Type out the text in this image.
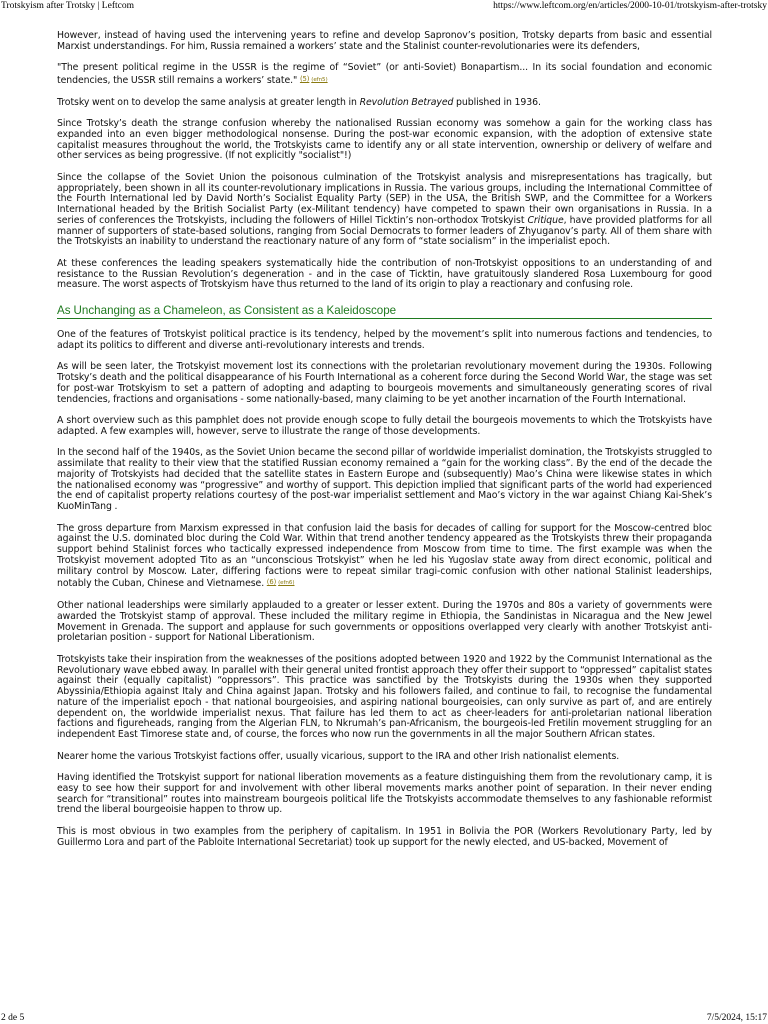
Trotskyism after Trotsky | Leftcom	https://www.leftcom.org/en/articles/2000-10-01/trotskyism-after-trotsky

However, instead of having used the intervening years to refine and develop Sapronov’s position, Trotsky departs from basic and essential Marxist understandings. For him, Russia remained a workers’ state and the Stalinist counter-revolutionaries were its defenders,

"The present political regime in the USSR is the regime of “Soviet” (or anti-Soviet) Bonapartism... In its social foundation and economic tendencies, the USSR still remains a workers’ state." $^{(5) (efn5)}$

Trotsky went on to develop the same analysis at greater length in Revolution Betrayed published in 1936.

Since Trotsky’s death the strange confusion whereby the nationalised Russian economy was somehow a gain for the working class has expanded into an even bigger methodological nonsense. During the post-war economic expansion, with the adoption of extensive state capitalist measures throughout the world, the Trotskyists came to identify any or all state intervention, ownership or delivery of welfare and other services as being progressive. (If not explicitly "socialist"!)

Since the collapse of the Soviet Union the poisonous culmination of the Trotskyist analysis and misrepresentations has tragically, but appropriately, been shown in all its counter-revolutionary implications in Russia. The various groups, including the International Committee of the Fourth International led by David North’s Socialist Equality Party (SEP) in the USA, the British SWP, and the Committee for a Workers International headed by the British Socialist Party (ex-Militant tendency) have competed to spawn their own organisations in Russia. In a series of conferences the Trotskyists, including the followers of Hillel Ticktin’s non-orthodox Trotskyist Critique, have provided platforms for all manner of supporters of state-based solutions, ranging from Social Democrats to former leaders of Zhyuganov’s party. All of them share with the Trotskyists an inability to understand the reactionary nature of any form of “state socialism” in the imperialist epoch.

At these conferences the leading speakers systematically hide the contribution of non-Trotskyist oppositions to an understanding of and resistance to the Russian Revolution’s degeneration - and in the case of Ticktin, have gratuitously slandered Rosa Luxembourg for good measure. The worst aspects of Trotskyism have thus returned to the land of its origin to play a reactionary and confusing role.

As Unchanging as a Chameleon, as Consistent as a Kaleidoscope

One of the features of Trotskyist political practice is its tendency, helped by the movement’s split into numerous factions and tendencies, to adapt its politics to different and diverse anti-revolutionary interests and trends.

As will be seen later, the Trotskyist movement lost its connections with the proletarian revolutionary movement during the 1930s. Following Trotsky’s death and the political disappearance of his Fourth International as a coherent force during the Second World War, the stage was set for post-war Trotskyism to set a pattern of adopting and adapting to bourgeois movements and simultaneously generating scores of rival tendencies, fractions and organisations - some nationally-based, many claiming to be yet another incarnation of the Fourth International.

A short overview such as this pamphlet does not provide enough scope to fully detail the bourgeois movements to which the Trotskyists have adapted. A few examples will, however, serve to illustrate the range of those developments.

In the second half of the 1940s, as the Soviet Union became the second pillar of worldwide imperialist domination, the Trotskyists struggled to assimilate that reality to their view that the statified Russian economy remained a “gain for the working class”. By the end of the decade the majority of Trotskyists had decided that the satellite states in Eastern Europe and (subsequently) Mao’s China were likewise states in which the nationalised economy was “progressive” and worthy of support. This depiction implied that significant parts of the world had experienced the end of capitalist property relations courtesy of the post-war imperialist settlement and Mao’s victory in the war against Chiang Kai-Shek’s KuoMinTang .

The gross departure from Marxism expressed in that confusion laid the basis for decades of calling for support for the Moscow-centred bloc against the U.S. dominated bloc during the Cold War. Within that trend another tendency appeared as the Trotskyists threw their propaganda support behind Stalinist forces who tactically expressed independence from Moscow from time to time. The first example was when the Trotskyist movement adopted Tito as an “unconscious Trotskyist” when he led his Yugoslav state away from direct economic, political and military control by Moscow. Later, differing factions were to repeat similar tragi-comic confusion with other national Stalinist leaderships, notably the Cuban, Chinese and Vietnamese. $^{(6) (efn6)}$

Other national leaderships were similarly applauded to a greater or lesser extent. During the 1970s and 80s a variety of governments were awarded the Trotskyist stamp of approval. These included the military regime in Ethiopia, the Sandinistas in Nicaragua and the New Jewel Movement in Grenada. The support and applause for such governments or oppositions overlapped very clearly with another Trotskyist anti-proletarian position - support for National Liberationism.

Trotskyists take their inspiration from the weaknesses of the positions adopted between 1920 and 1922 by the Communist International as the Revolutionary wave ebbed away. In parallel with their general united frontist approach they offer their support to “oppressed” capitalist states against their (equally capitalist) “oppressors”. This practice was sanctified by the Trotskyists during the 1930s when they supported Abyssinia/Ethiopia against Italy and China against Japan. Trotsky and his followers failed, and continue to fail, to recognise the fundamental nature of the imperialist epoch - that national bourgeoisies, and aspiring national bourgeoisies, can only survive as part of, and are entirely dependent on, the worldwide imperialist nexus. That failure has led them to act as cheer-leaders for anti-proletarian national liberation factions and figureheads, ranging from the Algerian FLN, to Nkrumah’s pan-Africanism, the bourgeois-led Fretilin movement struggling for an independent East Timorese state and, of course, the forces who now run the governments in all the major Southern African states.

Nearer home the various Trotskyist factions offer, usually vicarious, support to the IRA and other Irish nationalist elements.

Having identified the Trotskyist support for national liberation movements as a feature distinguishing them from the revolutionary camp, it is easy to see how their support for and involvement with other liberal movements marks another point of separation. In their never ending search for “transitional” routes into mainstream bourgeois political life the Trotskyists accommodate themselves to any fashionable reformist trend the liberal bourgeoisie happen to throw up.

This is most obvious in two examples from the periphery of capitalism. In 1951 in Bolivia the POR (Workers Revolutionary Party, led by Guillermo Lora and part of the Pabloite International Secretariat) took up support for the newly elected, and US-backed, Movement of

2 de 5	7/5/2024, 15:17
